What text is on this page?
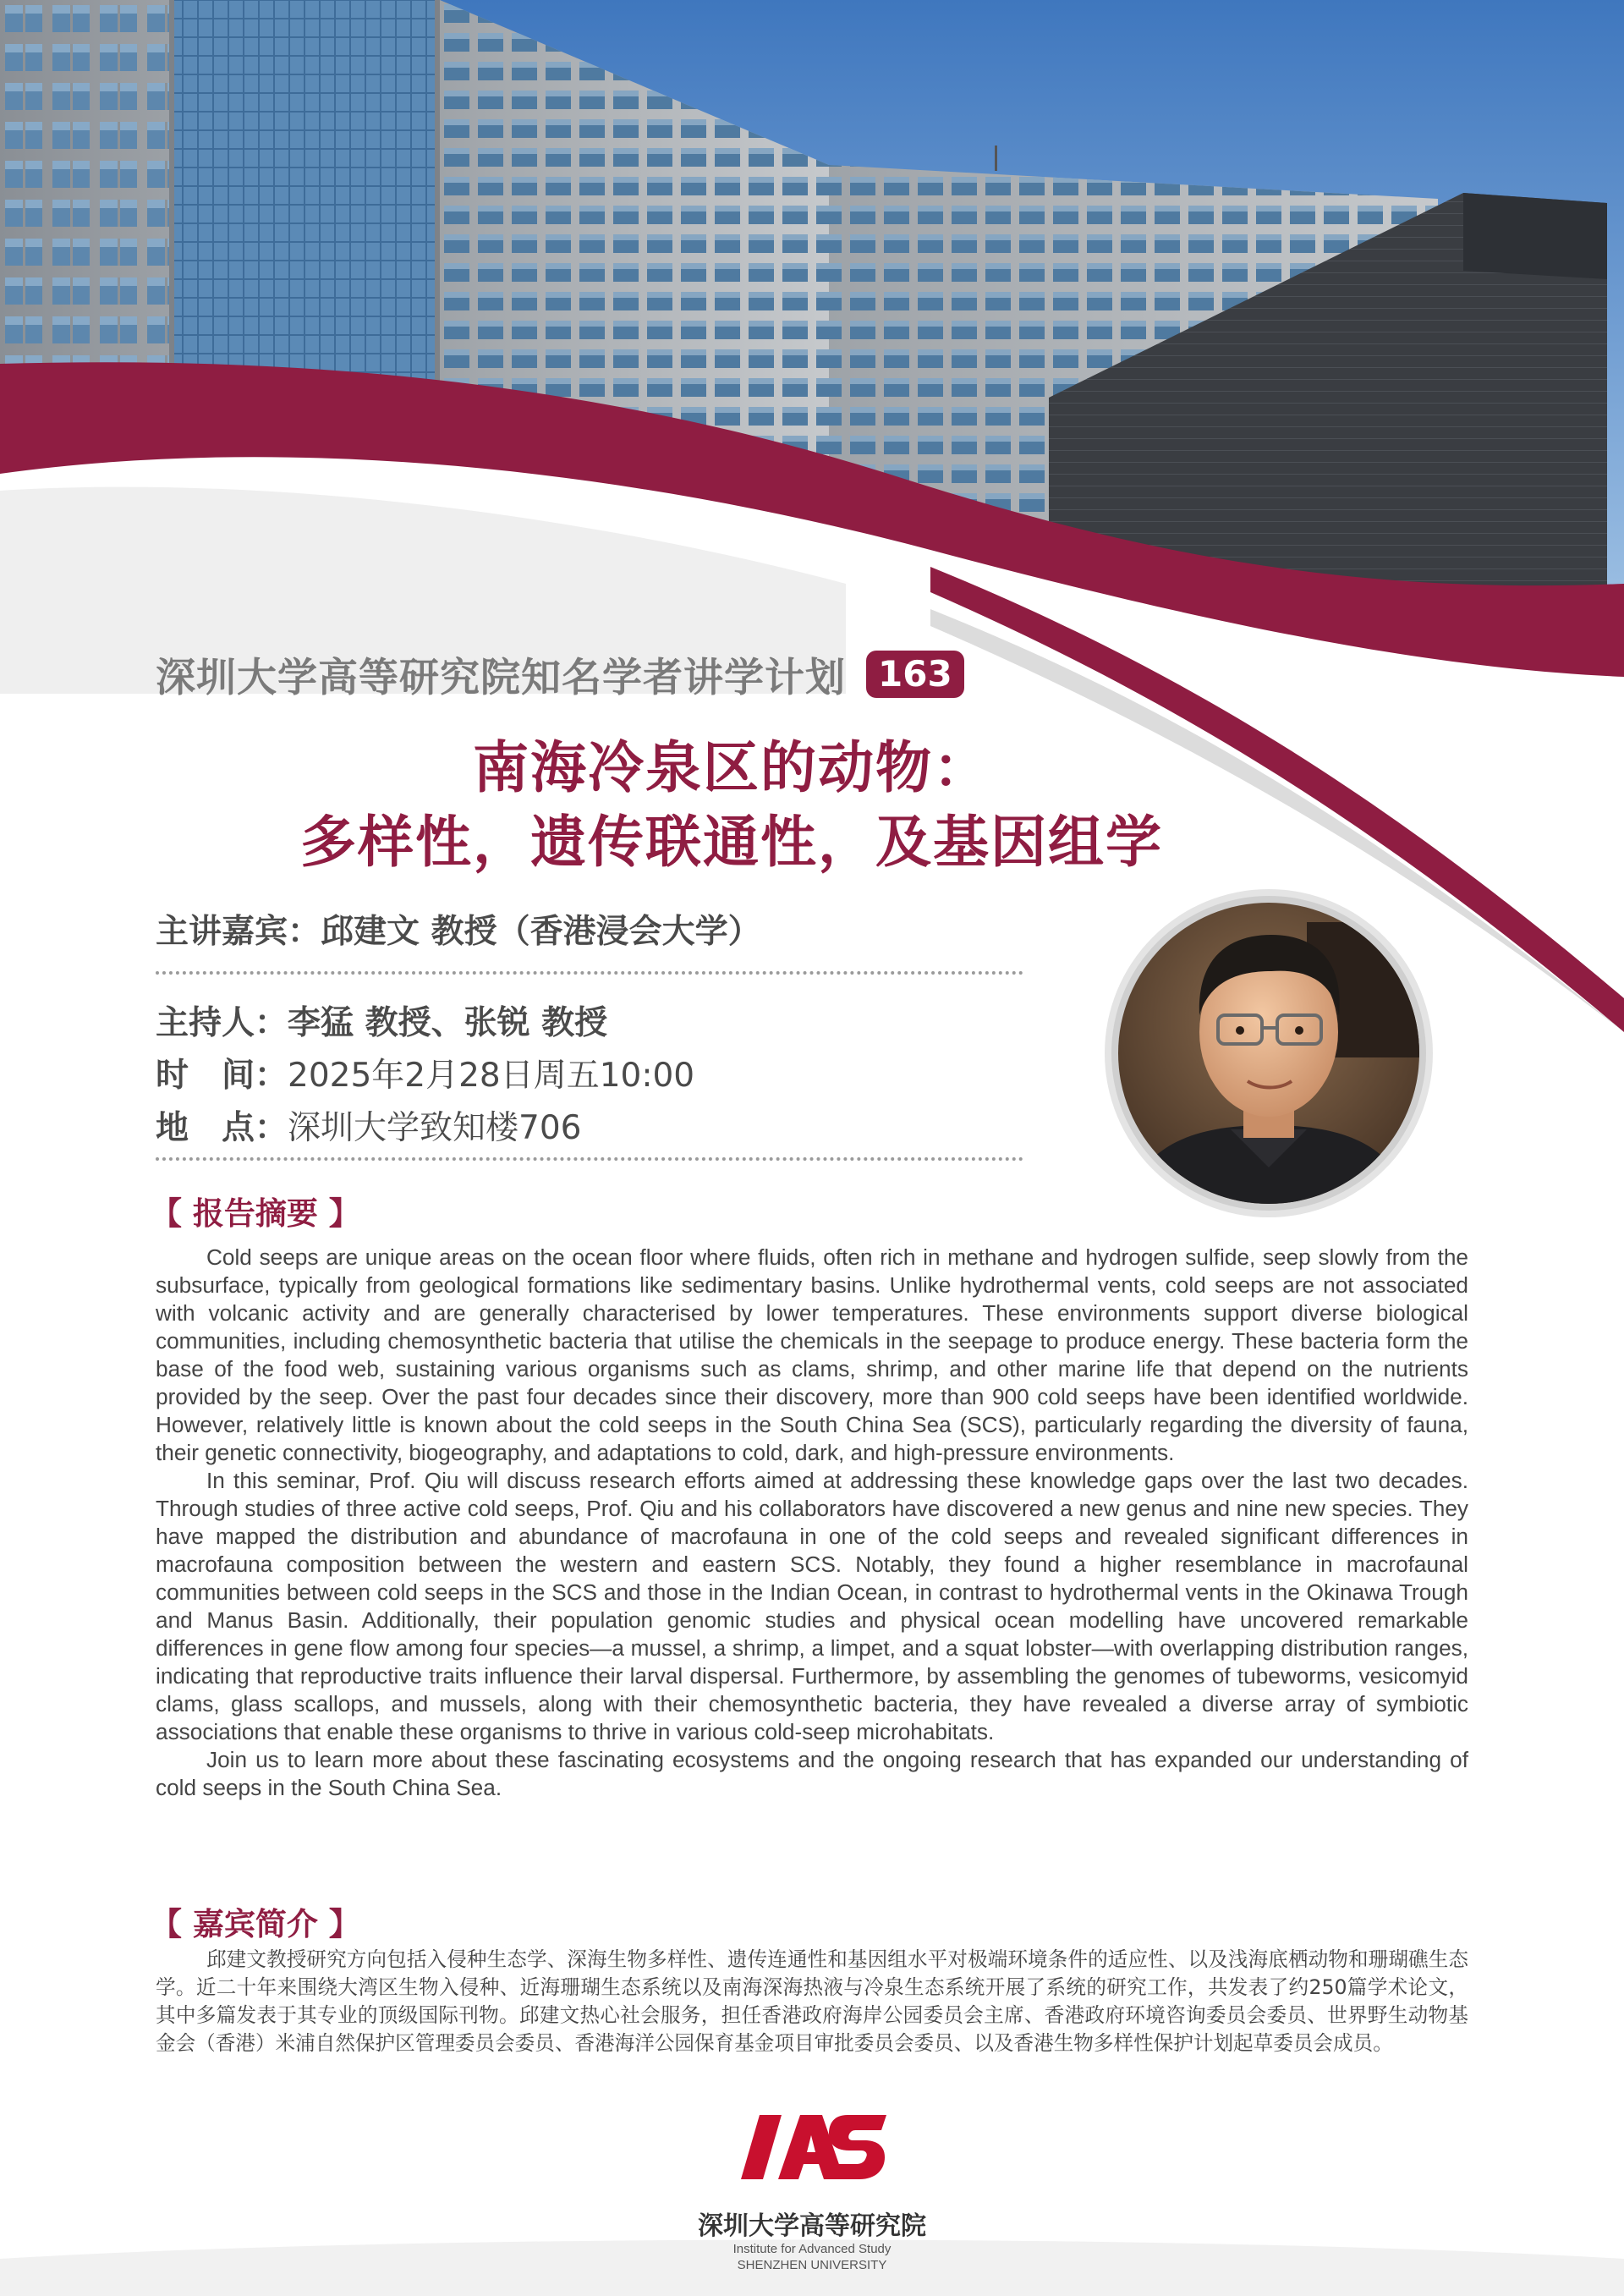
深圳大学高等研究院知名学者讲学计划 163
南海冷泉区的动物：
多样性，遗传联通性，及基因组学
主讲嘉宾：邱建文 教授（香港浸会大学）
主持人：李猛 教授、张锐 教授
时　间：2025年2月28日周五10:00
地　点：深圳大学致知楼706
【 报告摘要 】

Cold seeps are unique areas on the ocean floor where fluids, often rich in methane and hydrogen sulfide, seep slowly from the subsurface, typically from geological formations like sedimentary basins. Unlike hydrothermal vents, cold seeps are not associated with volcanic activity and are generally characterised by lower temperatures. These environments support diverse biological communities, including chemosynthetic bacteria that utilise the chemicals in the seepage to produce energy. These bacteria form the base of the food web, sustaining various organisms such as clams, shrimp, and other marine life that depend on the nutrients provided by the seep. Over the past four decades since their discovery, more than 900 cold seeps have been identified worldwide. However, relatively little is known about the cold seeps in the South China Sea (SCS), particularly regarding the diversity of fauna, their genetic connectivity, biogeography, and adaptations to cold, dark, and high-pressure environments.

In this seminar, Prof. Qiu will discuss research efforts aimed at addressing these knowledge gaps over the last two decades. Through studies of three active cold seeps, Prof. Qiu and his collaborators have discovered a new genus and nine new species. They have mapped the distribution and abundance of macrofauna in one of the cold seeps and revealed significant differences in macrofauna composition between the western and eastern SCS. Notably, they found a higher resemblance in macrofaunal communities between cold seeps in the SCS and those in the Indian Ocean, in contrast to hydrothermal vents in the Okinawa Trough and Manus Basin. Additionally, their population genomic studies and physical ocean modelling have uncovered remarkable differences in gene flow among four species—a mussel, a shrimp, a limpet, and a squat lobster—with overlapping distribution ranges, indicating that reproductive traits influence their larval dispersal. Furthermore, by assembling the genomes of tubeworms, vesicomyid clams, glass scallops, and mussels, along with their chemosynthetic bacteria, they have revealed a diverse array of symbiotic associations that enable these organisms to thrive in various cold-seep microhabitats.

Join us to learn more about these fascinating ecosystems and the ongoing research that has expanded our understanding of cold seeps in the South China Sea.

【 嘉宾简介 】

邱建文教授研究方向包括入侵种生态学、深海生物多样性、遗传连通性和基因组水平对极端环境条件的适应性、以及浅海底栖动物和珊瑚礁生态学。近二十年来围绕大湾区生物入侵种、近海珊瑚生态系统以及南海深海热液与冷泉生态系统开展了系统的研究工作，共发表了约250篇学术论文，其中多篇发表于其专业的顶级国际刊物。邱建文热心社会服务，担任香港政府海岸公园委员会主席、香港政府环境咨询委员会委员、世界野生动物基金会（香港）米浦自然保护区管理委员会委员、香港海洋公园保育基金项目审批委员会委员、以及香港生物多样性保护计划起草委员会成员。

深圳大学高等研究院
Institute for Advanced Study
SHENZHEN UNIVERSITY
